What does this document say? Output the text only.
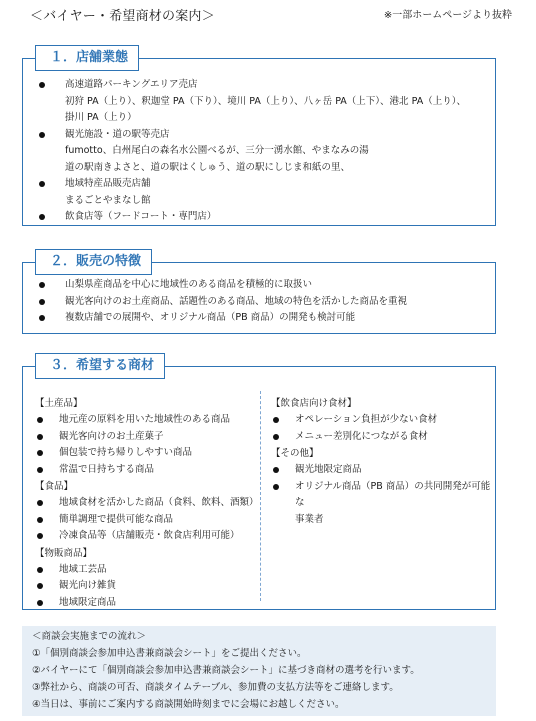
＜バイヤー・希望商材の案内＞	※一部ホームページより抜粋
１．店舗業態
高速道路パーキングエリア売店
初狩 PA（上り）、釈迦堂 PA（下り）、境川 PA（上り）、八ヶ岳 PA（上下）、港北 PA（上り）、
掛川 PA（上り）
観光施設・道の駅等売店
fumotto、白州尾白の森名水公園べるが、三分一湧水館、やまなみの湯
道の駅南きよさと、道の駅はくしゅう、道の駅にしじま和紙の里、
地域特産品販売店舗
まるごとやまなし館
飲食店等（フードコート・専門店）
２．販売の特徴
山梨県産商品を中心に地域性のある商品を積極的に取扱い
観光客向けのお土産商品、話題性のある商品、地域の特色を活かした商品を重視
複数店舗での展開や、オリジナル商品（PB 商品）の開発も検討可能
３．希望する商材
【土産品】
地元産の原料を用いた地域性のある商品
観光客向けのお土産菓子
個包装で持ち帰りしやすい商品
常温で日持ちする商品
【食品】
地域食材を活かした商品（食料、飲料、酒類）
簡単調理で提供可能な商品
冷凍食品等（店舗販売・飲食店利用可能）
【物販商品】
地域工芸品
観光向け雑貨
地域限定商品
【飲食店向け食材】
オペレーション負担が少ない食材
メニュー差別化につながる食材
【その他】
観光地限定商品
オリジナル商品（PB 商品）の共同開発が可能な
事業者
＜商談会実施までの流れ＞
①「個別商談会参加申込書兼商談会シート」をご提出ください。
②バイヤーにて「個別商談会参加申込書兼商談会シート」に基づき商材の選考を行います。
③弊社から、商談の可否、商談タイムテーブル、参加費の支払方法等をご連絡します。
④当日は、事前にご案内する商談開始時刻までに会場にお越しください。
